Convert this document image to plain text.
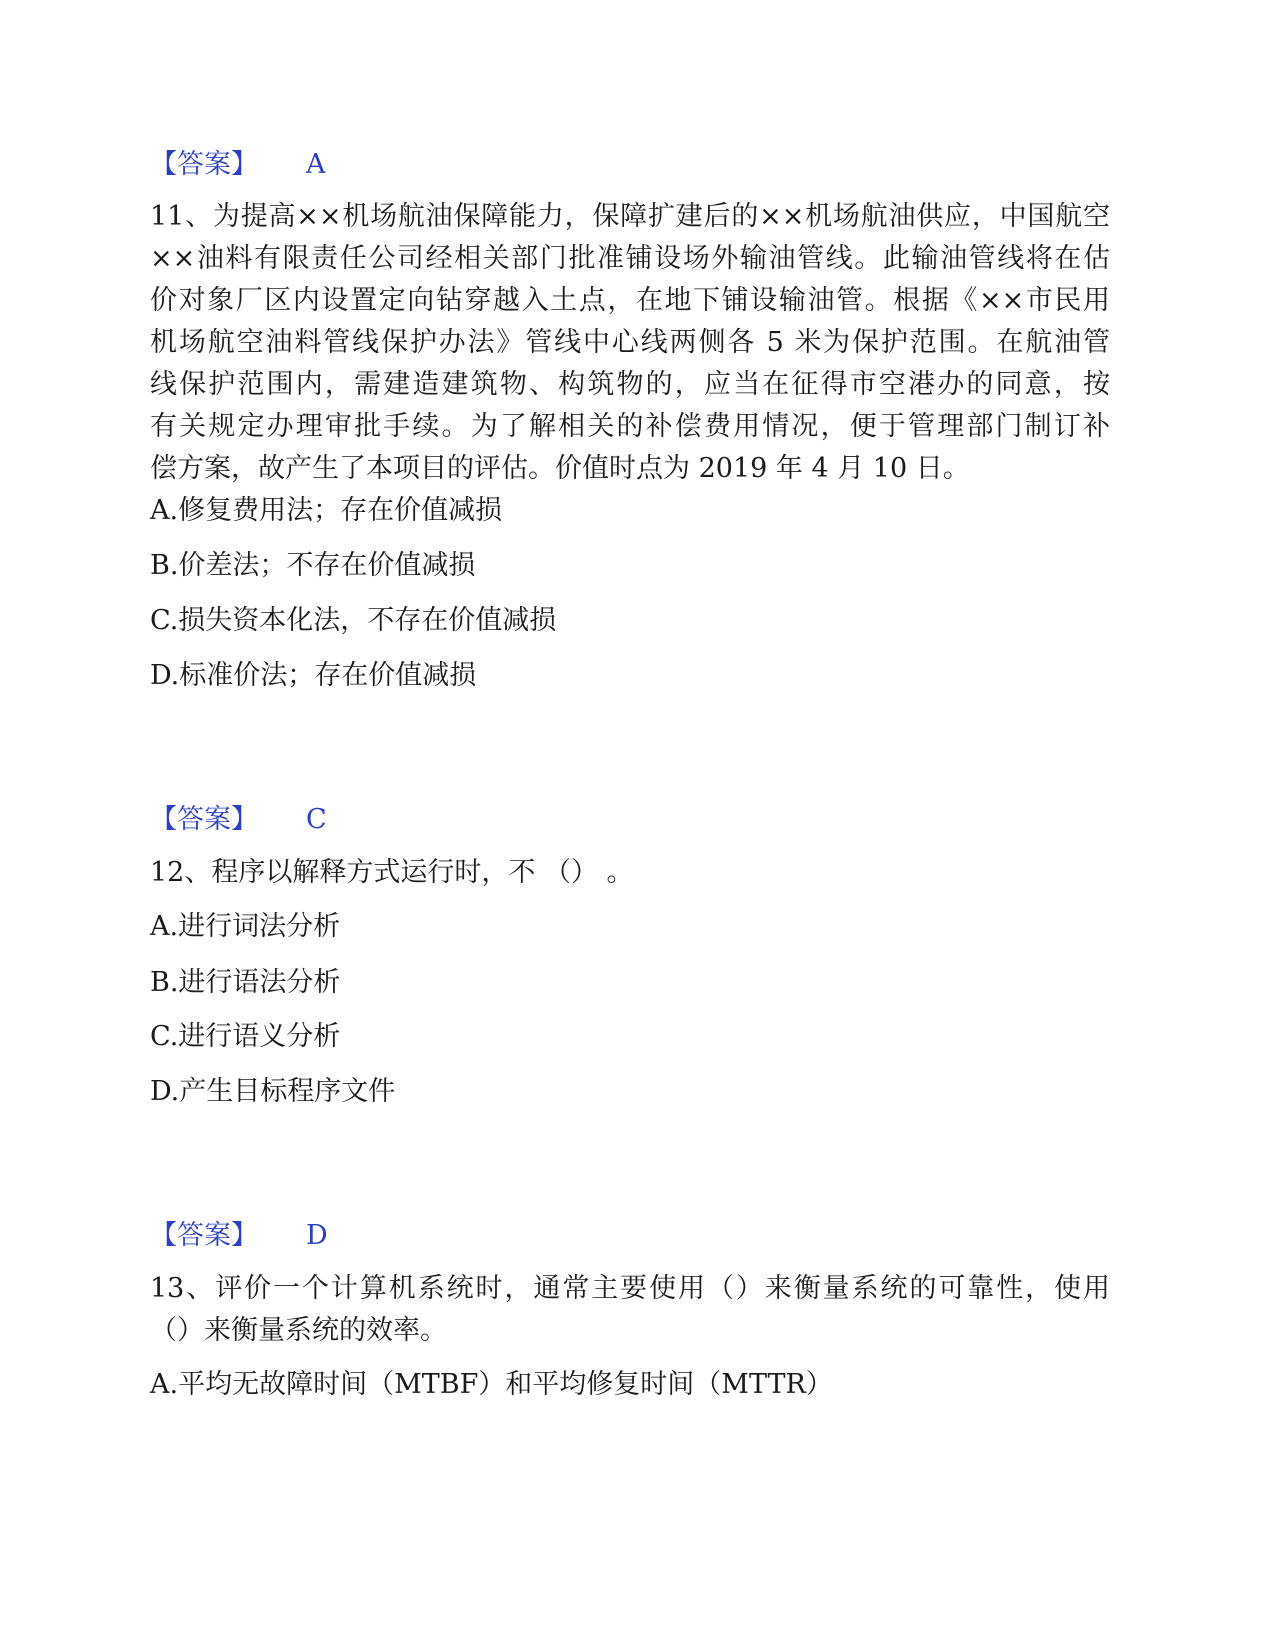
【答案】 A
11、为提高××机场航油保障能力，保障扩建后的××机场航油供应，中国航空
××油料有限责任公司经相关部门批准铺设场外输油管线。此输油管线将在估
价对象厂区内设置定向钻穿越入土点，在地下铺设输油管。根据《××市民用
机场航空油料管线保护办法》管线中心线两侧各 5 米为保护范围。在航油管
线保护范围内，需建造建筑物、构筑物的，应当在征得市空港办的同意，按
有关规定办理审批手续。为了解相关的补偿费用情况，便于管理部门制订补
偿方案，故产生了本项目的评估。价值时点为 2019 年 4 月 10 日。
A.修复费用法；存在价值减损
B.价差法；不存在价值减损
C.损失资本化法，不存在价值减损
D.标准价法；存在价值减损
【答案】 C
12、程序以解释方式运行时，不 （） 。
A.进行词法分析
B.进行语法分析
C.进行语义分析
D.产生目标程序文件
【答案】 D
13、评价一个计算机系统时，通常主要使用（）来衡量系统的可靠性，使用
（）来衡量系统的效率。
A.平均无故障时间（MTBF）和平均修复时间（MTTR）
